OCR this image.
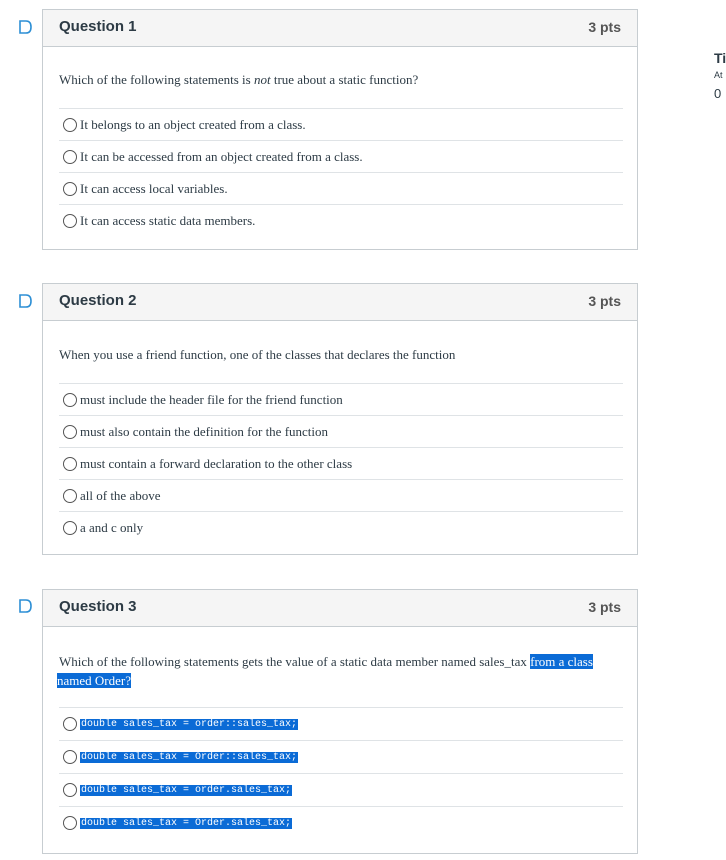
Ti
At
0
Question 1	3 pts
Which of the following statements is not true about a static function?
It belongs to an object created from a class.
It can be accessed from an object created from a class.
It can access local variables.
It can access static data members.
Question 2	3 pts
When you use a friend function, one of the classes that declares the function
must include the header file for the friend function
must also contain the definition for the function
must contain a forward declaration to the other class
all of the above
a and c only
Question 3	3 pts
Which of the following statements gets the value of a static data member named sales_tax from a class
named Order?
double sales_tax = order::sales_tax;
double sales_tax = Order::sales_tax;
double sales_tax = order.sales_tax;
double sales_tax = Order.sales_tax;
